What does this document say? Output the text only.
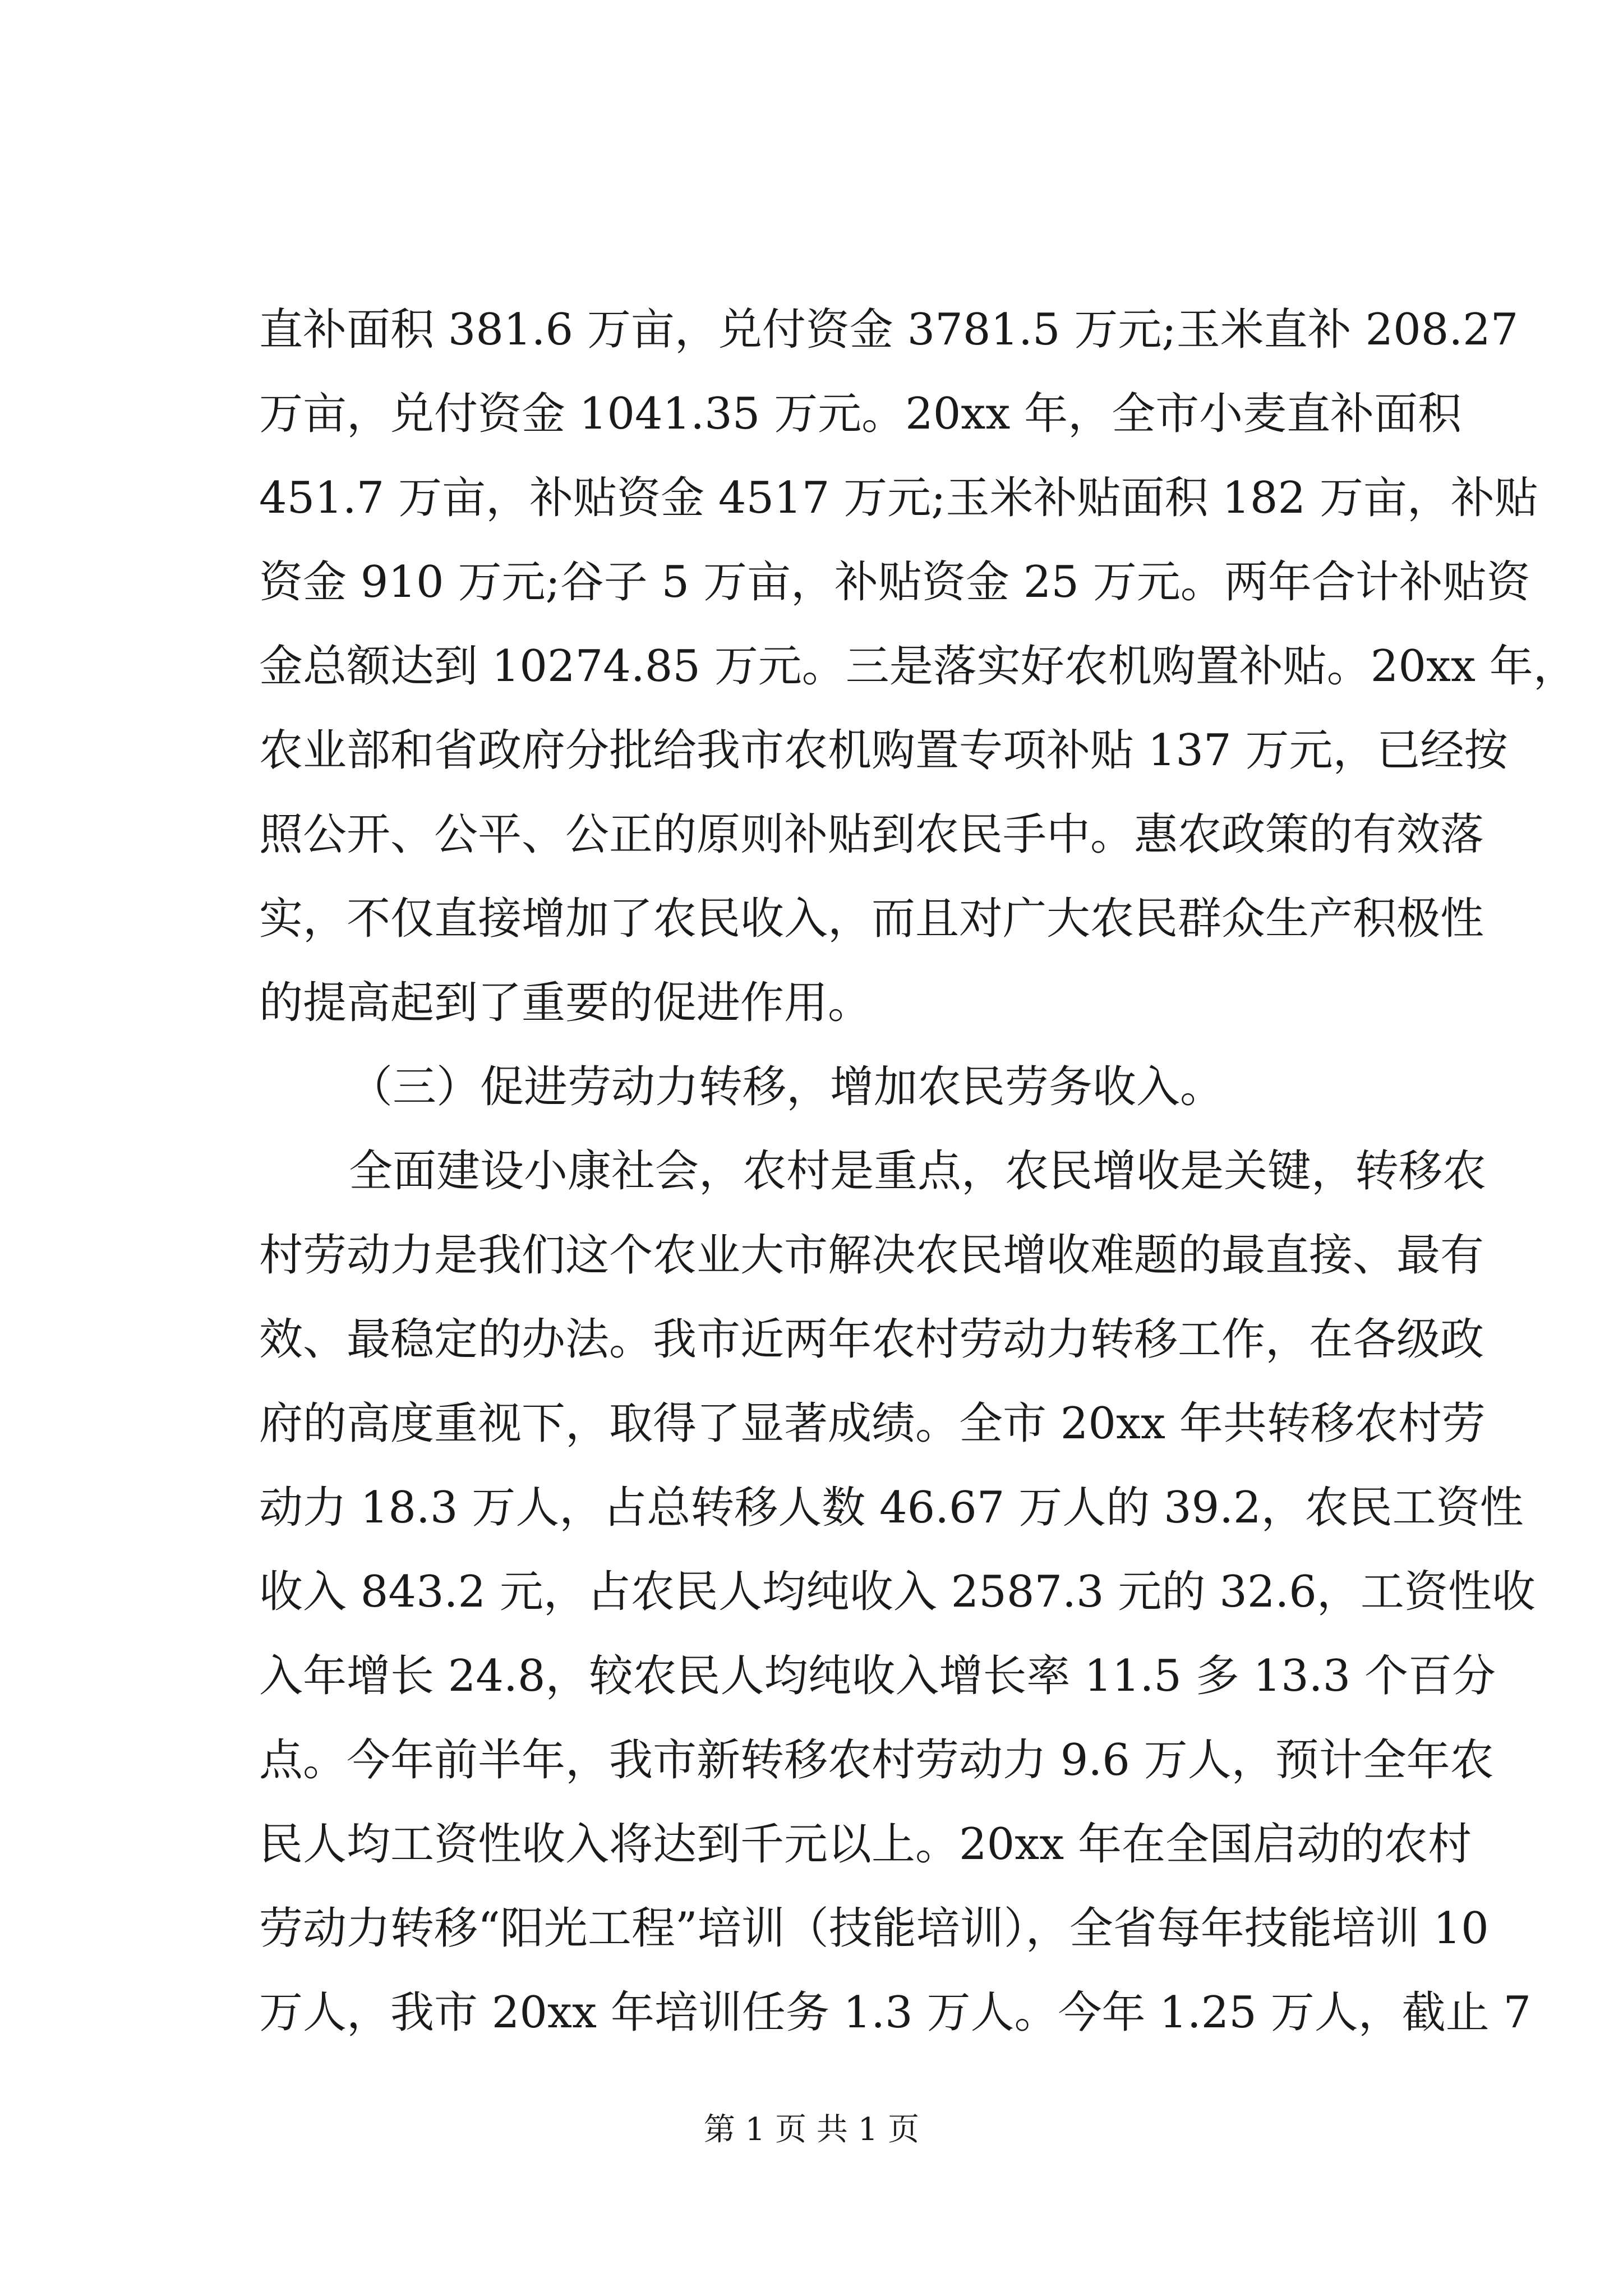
直补面积 381.6 万亩，兑付资金 3781.5 万元;玉米直补 208.27
万亩，兑付资金 1041.35 万元。20xx 年，全市小麦直补面积
451.7 万亩，补贴资金 4517 万元;玉米补贴面积 182 万亩，补贴
资金 910 万元;谷子 5 万亩，补贴资金 25 万元。两年合计补贴资
金总额达到 10274.85 万元。三是落实好农机购置补贴。20xx 年，
农业部和省政府分批给我市农机购置专项补贴 137 万元，已经按
照公开、公平、公正的原则补贴到农民手中。惠农政策的有效落
实，不仅直接增加了农民收入，而且对广大农民群众生产积极性
的提高起到了重要的促进作用。
（三）促进劳动力转移，增加农民劳务收入。
全面建设小康社会，农村是重点，农民增收是关键，转移农
村劳动力是我们这个农业大市解决农民增收难题的最直接、最有
效、最稳定的办法。我市近两年农村劳动力转移工作，在各级政
府的高度重视下，取得了显著成绩。全市 20xx 年共转移农村劳
动力 18.3 万人，占总转移人数 46.67 万人的 39.2，农民工资性
收入 843.2 元，占农民人均纯收入 2587.3 元的 32.6，工资性收
入年增长 24.8，较农民人均纯收入增长率 11.5 多 13.3 个百分
点。今年前半年，我市新转移农村劳动力 9.6 万人，预计全年农
民人均工资性收入将达到千元以上。20xx 年在全国启动的农村
劳动力转移“阳光工程”培训（技能培训），全省每年技能培训 10
万人，我市 20xx 年培训任务 1.3 万人。今年 1.25 万人，截止 7
第 1 页 共 1 页
